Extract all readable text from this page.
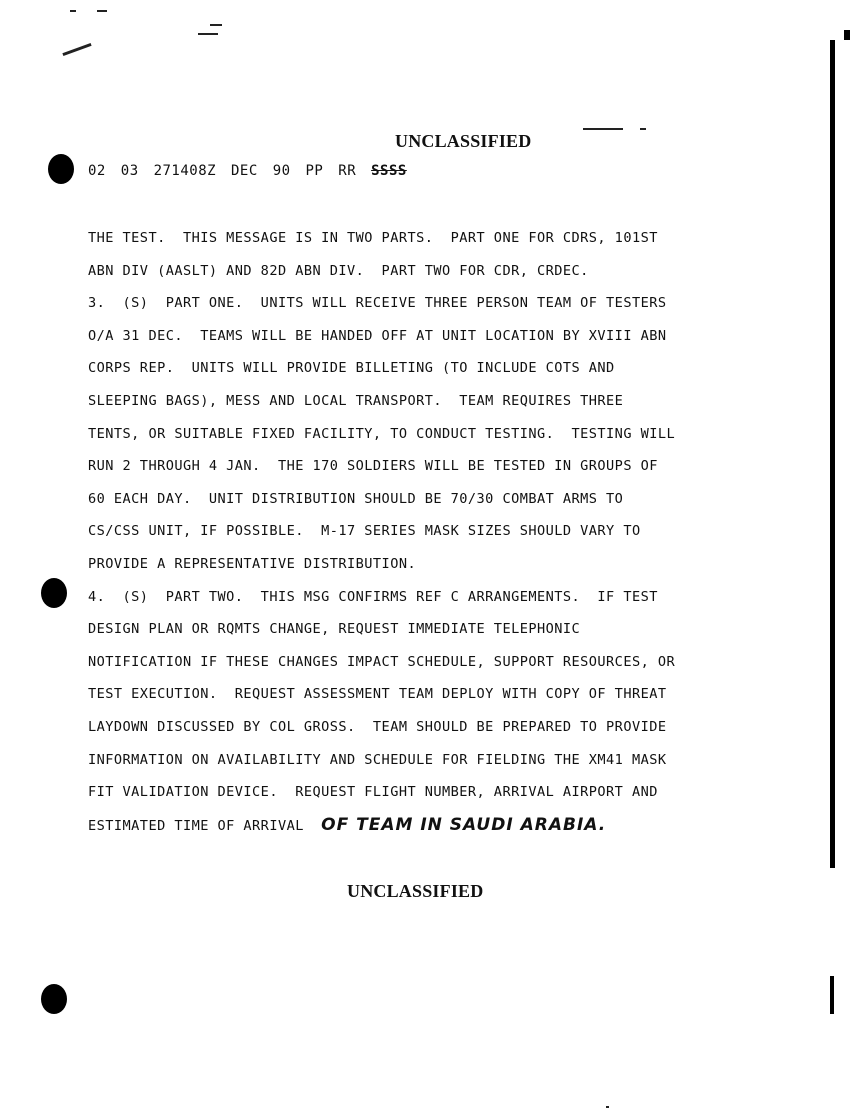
UNCLASSIFIED
02 03 271408Z DEC 90 PP RR SSSS
THE TEST.  THIS MESSAGE IS IN TWO PARTS.  PART ONE FOR CDRS, 101ST
ABN DIV (AASLT) AND 82D ABN DIV.  PART TWO FOR CDR, CRDEC.
3.  (S)  PART ONE.  UNITS WILL RECEIVE THREE PERSON TEAM OF TESTERS
O/A 31 DEC.  TEAMS WILL BE HANDED OFF AT UNIT LOCATION BY XVIII ABN
CORPS REP.  UNITS WILL PROVIDE BILLETING (TO INCLUDE COTS AND
SLEEPING BAGS), MESS AND LOCAL TRANSPORT.  TEAM REQUIRES THREE
TENTS, OR SUITABLE FIXED FACILITY, TO CONDUCT TESTING.  TESTING WILL
RUN 2 THROUGH 4 JAN.  THE 170 SOLDIERS WILL BE TESTED IN GROUPS OF
60 EACH DAY.  UNIT DISTRIBUTION SHOULD BE 70/30 COMBAT ARMS TO
CS/CSS UNIT, IF POSSIBLE.  M-17 SERIES MASK SIZES SHOULD VARY TO
PROVIDE A REPRESENTATIVE DISTRIBUTION.
4.  (S)  PART TWO.  THIS MSG CONFIRMS REF C ARRANGEMENTS.  IF TEST
DESIGN PLAN OR RQMTS CHANGE, REQUEST IMMEDIATE TELEPHONIC
NOTIFICATION IF THESE CHANGES IMPACT SCHEDULE, SUPPORT RESOURCES, OR
TEST EXECUTION.  REQUEST ASSESSMENT TEAM DEPLOY WITH COPY OF THREAT
LAYDOWN DISCUSSED BY COL GROSS.  TEAM SHOULD BE PREPARED TO PROVIDE
INFORMATION ON AVAILABILITY AND SCHEDULE FOR FIELDING THE XM41 MASK
FIT VALIDATION DEVICE.  REQUEST FLIGHT NUMBER, ARRIVAL AIRPORT AND
ESTIMATED TIME OF ARRIVAL OF TEAM IN SAUDI ARABIA.
UNCLASSIFIED
